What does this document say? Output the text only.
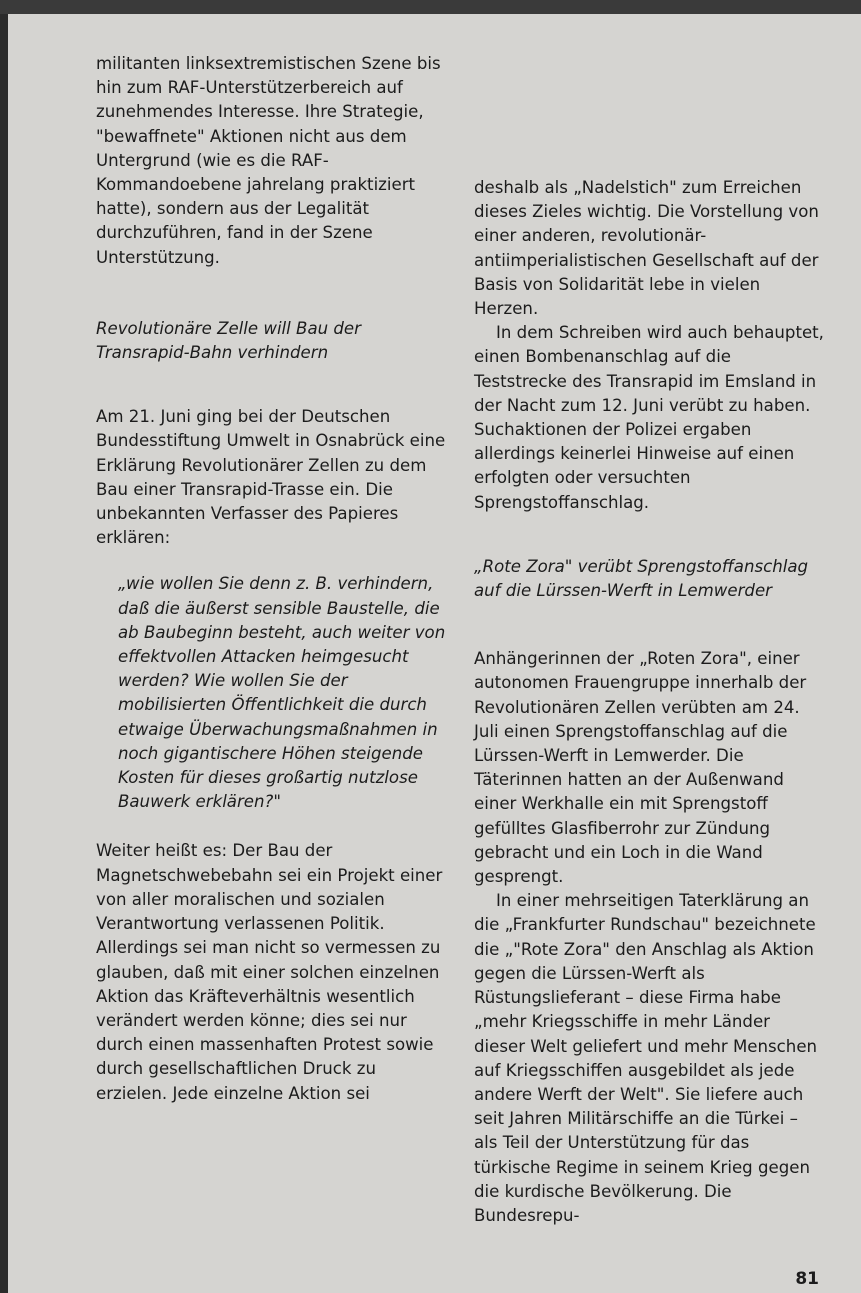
militanten linksextremistischen Szene bis hin zum RAF-Unterstützerbereich auf zunehmendes Interesse. Ihre Strategie, "bewaffnete" Aktionen nicht aus dem Untergrund (wie es die RAF-Kommandoebene jahrelang praktiziert hatte), sondern aus der Legalität durchzuführen, fand in der Szene Unterstützung.

Revolutionäre Zelle will Bau der Transrapid-Bahn verhindern

Am 21. Juni ging bei der Deutschen Bundesstiftung Umwelt in Osnabrück eine Erklärung Revolutionärer Zellen zu dem Bau einer Transrapid-Trasse ein. Die unbekannten Verfasser des Papieres erklären:

„wie wollen Sie denn z. B. verhindern, daß die äußerst sensible Baustelle, die ab Baubeginn besteht, auch weiter von effektvollen Attacken heimgesucht werden? Wie wollen Sie der mobilisierten Öffentlichkeit die durch etwaige Überwachungsmaßnahmen in noch gigantischere Höhen steigende Kosten für dieses großartig nutzlose Bauwerk erklären?"

Weiter heißt es: Der Bau der Magnetschwebebahn sei ein Projekt einer von aller moralischen und sozialen Verantwortung verlassenen Politik. Allerdings sei man nicht so vermessen zu glauben, daß mit einer solchen einzelnen Aktion das Kräfteverhältnis wesentlich verändert werden könne; dies sei nur durch einen massenhaften Protest sowie durch gesellschaftlichen Druck zu erzielen. Jede einzelne Aktion sei

deshalb als „Nadelstich" zum Erreichen dieses Zieles wichtig. Die Vorstellung von einer anderen, revolutionär-antiimperialistischen Gesellschaft auf der Basis von Solidarität lebe in vielen Herzen.

In dem Schreiben wird auch behauptet, einen Bombenanschlag auf die Teststrecke des Transrapid im Emsland in der Nacht zum 12. Juni verübt zu haben. Suchaktionen der Polizei ergaben allerdings keinerlei Hinweise auf einen erfolgten oder versuchten Sprengstoffanschlag.

„Rote Zora" verübt Sprengstoffanschlag auf die Lürssen-Werft in Lemwerder

Anhängerinnen der „Roten Zora", einer autonomen Frauengruppe innerhalb der Revolutionären Zellen verübten am 24. Juli einen Sprengstoffanschlag auf die Lürssen-Werft in Lemwerder. Die Täterinnen hatten an der Außenwand einer Werkhalle ein mit Sprengstoff gefülltes Glasfiberrohr zur Zündung gebracht und ein Loch in die Wand gesprengt.

In einer mehrseitigen Taterklärung an die „Frankfurter Rundschau" bezeichnete die „"Rote Zora" den Anschlag als Aktion gegen die Lürssen-Werft als Rüstungslieferant – diese Firma habe „mehr Kriegsschiffe in mehr Länder dieser Welt geliefert und mehr Menschen auf Kriegsschiffen ausgebildet als jede andere Werft der Welt". Sie liefere auch seit Jahren Militärschiffe an die Türkei – als Teil der Unterstützung für das türkische Regime in seinem Krieg gegen die kurdische Bevölkerung. Die Bundesrepu-

81
